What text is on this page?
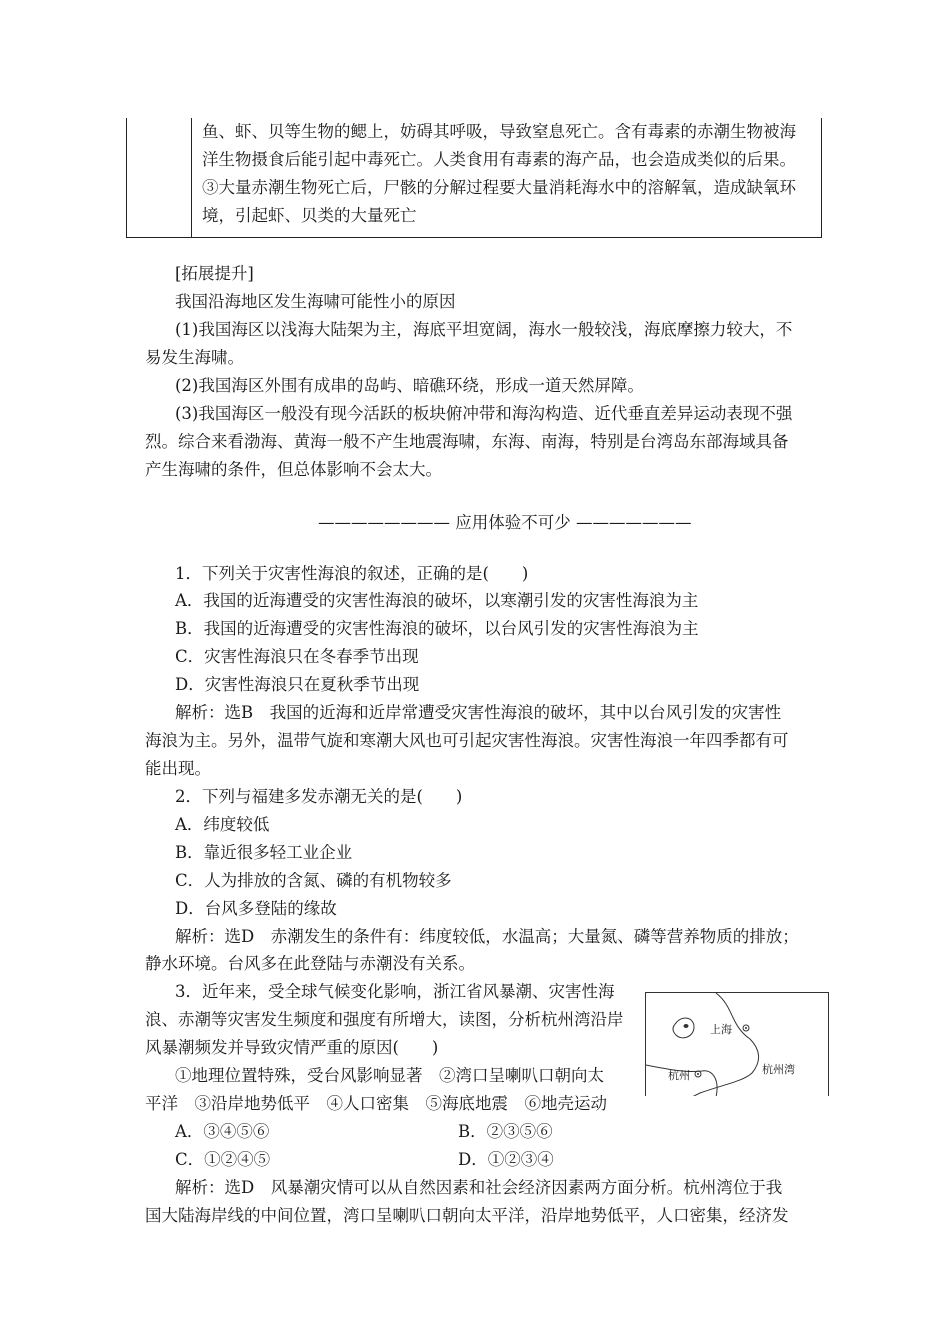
鱼、虾、贝等生物的鳃上，妨碍其呼吸，导致窒息死亡。含有毒素的赤潮生物被海
洋生物摄食后能引起中毒死亡。人类食用有毒素的海产品，也会造成类似的后果。
③大量赤潮生物死亡后，尸骸的分解过程要大量消耗海水中的溶解氧，造成缺氧环
境，引起虾、贝类的大量死亡
[拓展提升]
我国沿海地区发生海啸可能性小的原因
(1)我国海区以浅海大陆架为主，海底平坦宽阔，海水一般较浅，海底摩擦力较大，不
易发生海啸。
(2)我国海区外围有成串的岛屿、暗礁环绕，形成一道天然屏障。
(3)我国海区一般没有现今活跃的板块俯冲带和海沟构造、近代垂直差异运动表现不强
烈。综合来看渤海、黄海一般不产生地震海啸，东海、南海，特别是台湾岛东部海域具备
产生海啸的条件，但总体影响不会太大。
———————— 应用体验不可少 ———————
1．下列关于灾害性海浪的叙述，正确的是(　　)
A．我国的近海遭受的灾害性海浪的破坏，以寒潮引发的灾害性海浪为主
B．我国的近海遭受的灾害性海浪的破坏，以台风引发的灾害性海浪为主
C．灾害性海浪只在冬春季节出现
D．灾害性海浪只在夏秋季节出现
解析：选B　我国的近海和近岸常遭受灾害性海浪的破坏，其中以台风引发的灾害性
海浪为主。另外，温带气旋和寒潮大风也可引起灾害性海浪。灾害性海浪一年四季都有可
能出现。
2．下列与福建多发赤潮无关的是(　　)
A．纬度较低
B．靠近很多轻工业企业
C．人为排放的含氮、磷的有机物较多
D．台风多登陆的缘故
解析：选D　赤潮发生的条件有：纬度较低，水温高；大量氮、磷等营养物质的排放；
静水环境。台风多在此登陆与赤潮没有关系。
3．近年来，受全球气候变化影响，浙江省风暴潮、灾害性海
浪、赤潮等灾害发生频度和强度有所增大，读图，分析杭州湾沿岸
风暴潮频发并导致灾情严重的原因(　　)
①地理位置特殊，受台风影响显著　②湾口呈喇叭口朝向太
平洋　③沿岸地势低平　④人口密集　⑤海底地震　⑥地壳运动
A．③④⑤⑥	B．②③⑤⑥
C．①②④⑤	D．①②③④
解析：选D　风暴潮灾情可以从自然因素和社会经济因素两方面分析。杭州湾位于我
国大陆海岸线的中间位置，湾口呈喇叭口朝向太平洋，沿岸地势低平，人口密集，经济发
上海
杭州	杭州湾
